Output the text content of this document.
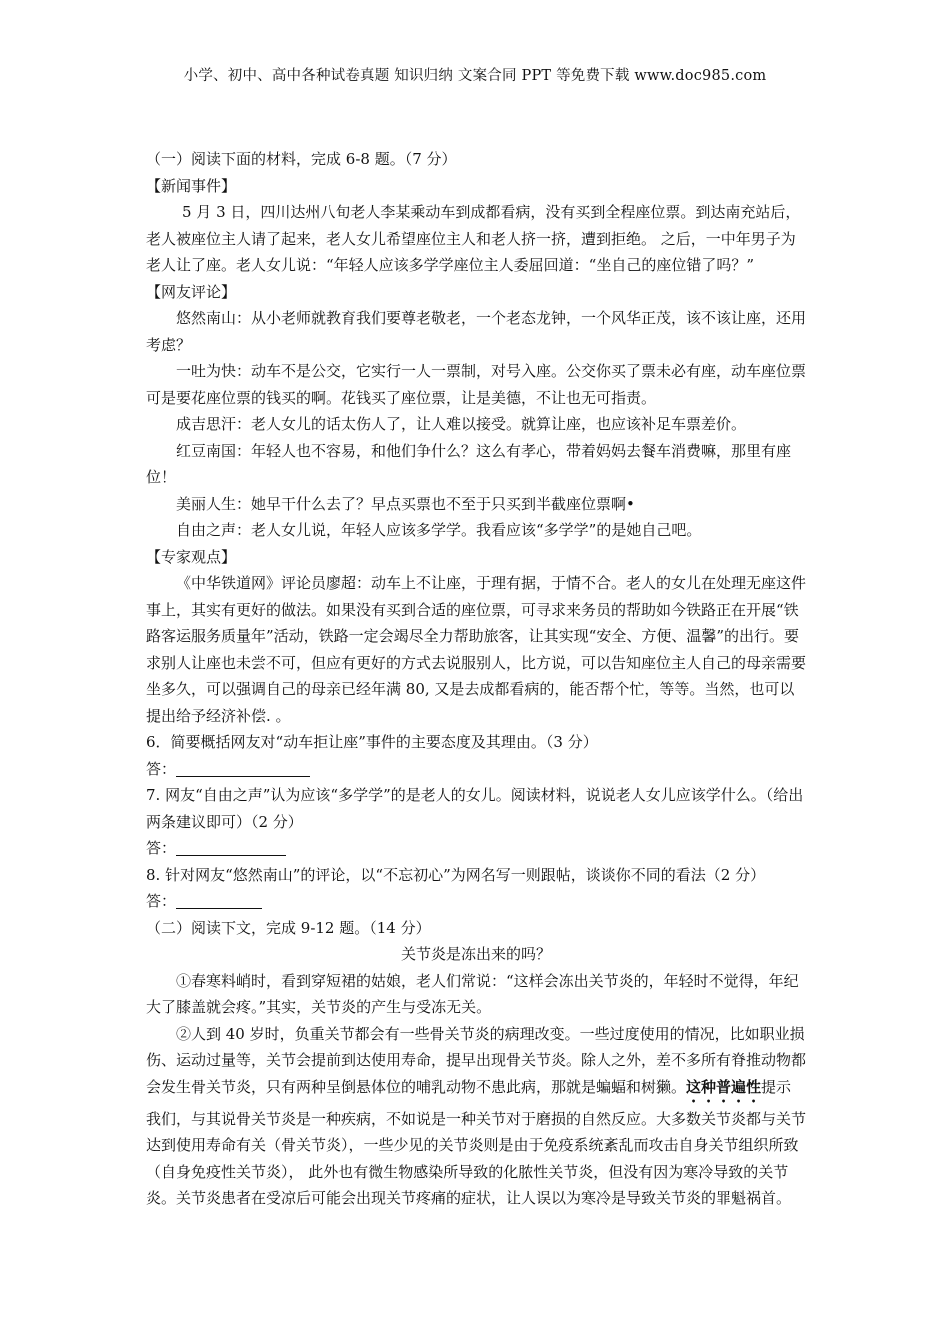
小学、初中、高中各种试卷真题 知识归纳 文案合同 PPT 等免费下载 www.doc985.com

（一）阅读下面的材料，完成 6-8 题。（7 分）

【新闻事件】

5 月 3 日，四川达州八旬老人李某乘动车到成都看病，没有买到全程座位票。到达南充站后，老人被座位主人请了起来，老人女儿希望座位主人和老人挤一挤，遭到拒绝。 之后，一中年男子为老人让了座。老人女儿说：“年轻人应该多学学座位主人委屈回道：“坐自己的座位错了吗？”

【网友评论】

悠然南山：从小老师就教育我们要尊老敬老，一个老态龙钟，一个风华正茂，该不该让座，还用考虑？

一吐为快：动车不是公交，它实行一人一票制，对号入座。公交你买了票未必有座，动车座位票可是要花座位票的钱买的啊。花钱买了座位票，让是美德，不让也无可指责。

成吉思汗：老人女儿的话太伤人了，让人难以接受。就算让座，也应该补足车票差价。

红豆南国：年轻人也不容易，和他们争什么？这么有孝心，带着妈妈去餐车消费嘛，那里有座位！

美丽人生：她早干什么去了？早点买票也不至于只买到半截座位票啊•

自由之声：老人女儿说，年轻人应该多学学。我看应该“多学学”的是她自己吧。

【专家观点】

《中华铁道网》评论员廖超：动车上不让座，于理有据，于情不合。老人的女儿在处理无座这件事上，其实有更好的做法。如果没有买到合适的座位票，可寻求来务员的帮助如今铁路正在开展“铁路客运服务质量年”活动，铁路一定会竭尽全力帮助旅客，让其实现“安全、方便、温馨”的出行。要求别人让座也未尝不可，但应有更好的方式去说服别人，比方说，可以告知座位主人自己的母亲需要坐多久，可以强调自己的母亲已经年满 80, 又是去成都看病的，能否帮个忙，等等。当然，也可以提出给予经济补偿. 。

6．简要概括网友对“动车拒让座”事件的主要态度及其理由。（3 分）

答：

7. 网友“自由之声”认为应该“多学学”的是老人的女儿。阅读材料，说说老人女儿应该学什么。（给出两条建议即可）（2 分）

答：

8. 针对网友“悠然南山”的评论，以“不忘初心”为网名写一则跟帖，谈谈你不同的看法（2 分）

答：

（二）阅读下文，完成 9-12 题。（14 分）

关节炎是冻出来的吗？

①春寒料峭时，看到穿短裙的姑娘，老人们常说：“这样会冻出关节炎的，年轻时不觉得，年纪大了膝盖就会疼。”其实，关节炎的产生与受冻无关。

②人到 40 岁时，负重关节都会有一些骨关节炎的病理改变。一些过度使用的情况，比如职业损伤、运动过量等，关节会提前到达使用寿命，提早出现骨关节炎。除人之外，差不多所有脊推动物都会发生骨关节炎，只有两种呈倒悬体位的哺乳动物不患此病，那就是蝙蝠和树獭。这种普遍性提示我们，与其说骨关节炎是一种疾病，不如说是一种关节对于磨损的自然反应。大多数关节炎都与关节达到使用寿命有关（骨关节炎），一些少见的关节炎则是由于免疫系统紊乱而攻击自身关节组织所致（自身免疫性关节炎）， 此外也有微生物感染所导致的化脓性关节炎，但没有因为寒冷导致的关节炎。关节炎患者在受凉后可能会出现关节疼痛的症状，让人误以为寒冷是导致关节炎的罪魁祸首。
